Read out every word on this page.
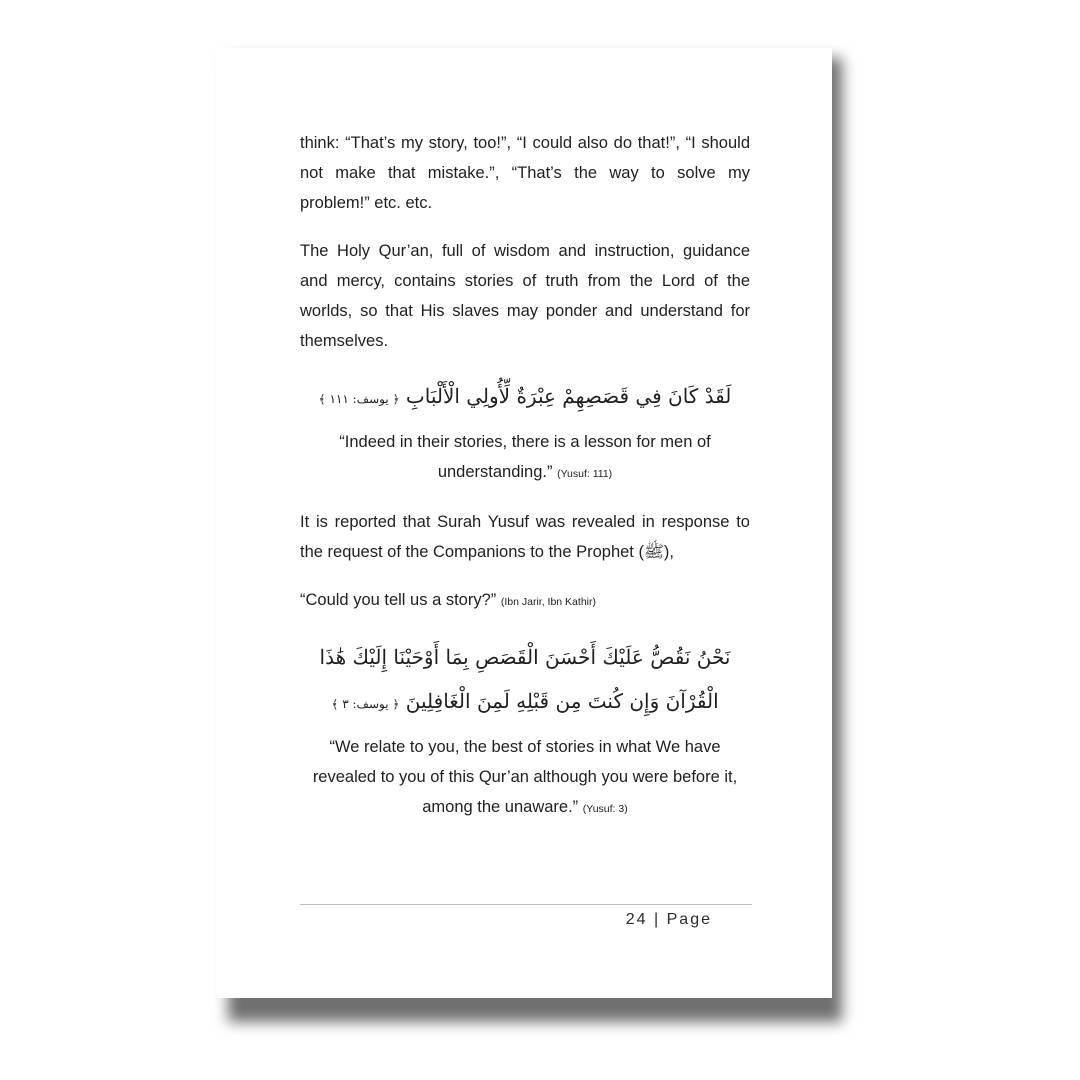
think: “That’s my story, too!”, “I could also do that!”, “I should not make that mistake.”, “That’s the way to solve my problem!” etc. etc.

The Holy Qur’an, full of wisdom and instruction, guidance and mercy, contains stories of truth from the Lord of the worlds, so that His slaves may ponder and understand for themselves.

لَقَدْ كَانَ فِي قَصَصِهِمْ عِبْرَةٌ لِّأُولِي الْأَلْبَابِ ﴿ يوسف: ١١١ ﴾

“Indeed in their stories, there is a lesson for men of understanding.” (Yusuf: 111)

It is reported that Surah Yusuf was revealed in response to the request of the Companions to the Prophet (ﷺ),

“Could you tell us a story?” (Ibn Jarir, Ibn Kathir)

نَحْنُ نَقُصُّ عَلَيْكَ أَحْسَنَ الْقَصَصِ بِمَا أَوْحَيْنَا إِلَيْكَ هَٰذَا الْقُرْآنَ وَإِن كُنتَ مِن قَبْلِهِ لَمِنَ الْغَافِلِينَ ﴿ يوسف: ٣ ﴾

“We relate to you, the best of stories in what We have revealed to you of this Qur’an although you were before it, among the unaware.” (Yusuf: 3)

24 | Page
